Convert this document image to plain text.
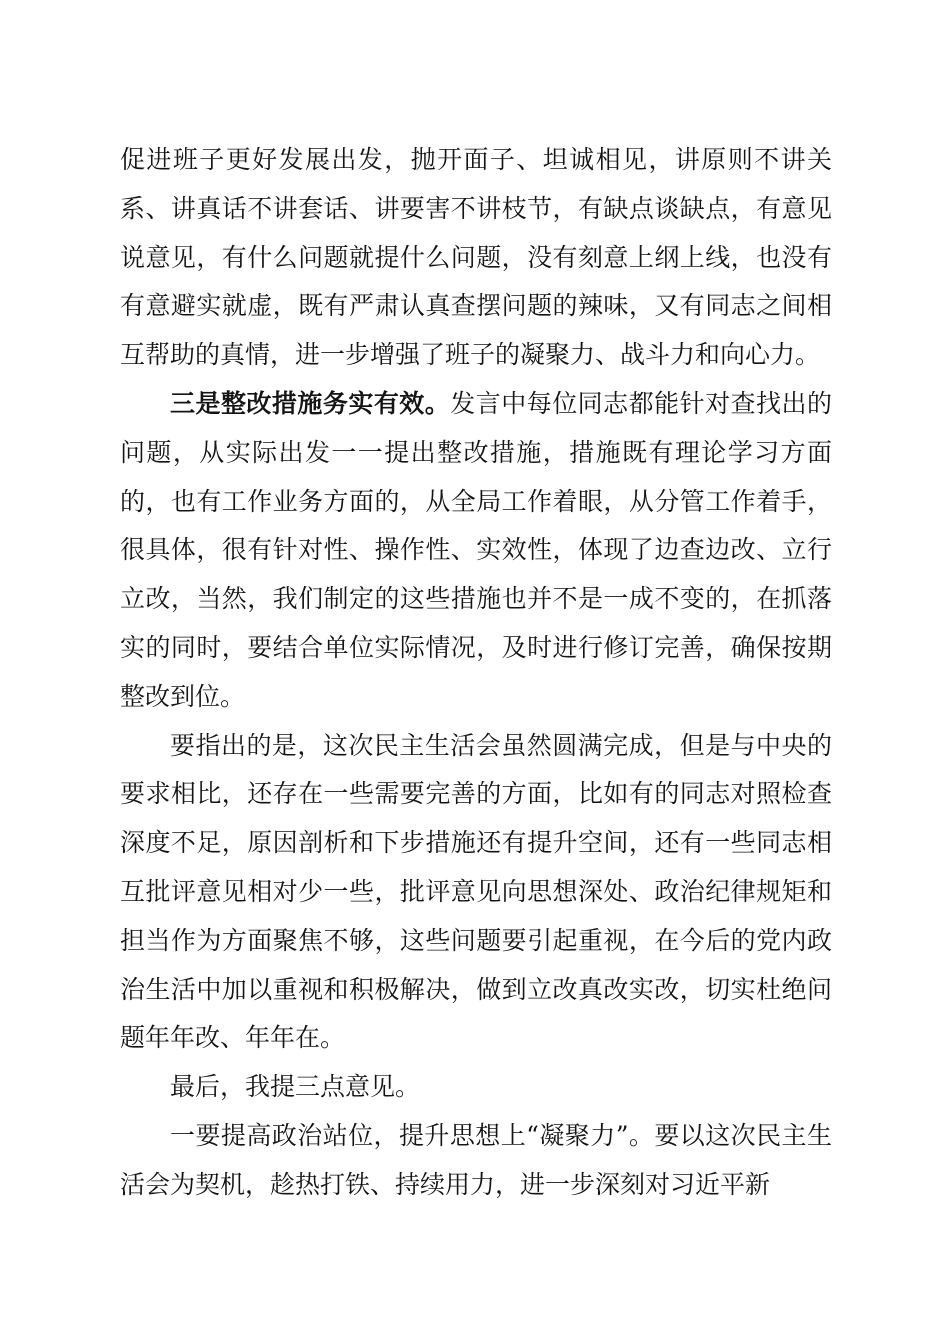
促进班子更好发展出发，抛开面子、坦诚相见，讲原则不讲关系、讲真话不讲套话、讲要害不讲枝节，有缺点谈缺点，有意见说意见，有什么问题就提什么问题，没有刻意上纲上线，也没有有意避实就虚，既有严肃认真查摆问题的辣味，又有同志之间相互帮助的真情，进一步增强了班子的凝聚力、战斗力和向心力。

三是整改措施务实有效。发言中每位同志都能针对查找出的问题，从实际出发一一提出整改措施，措施既有理论学习方面的，也有工作业务方面的，从全局工作着眼，从分管工作着手，很具体，很有针对性、操作性、实效性，体现了边查边改、立行立改，当然，我们制定的这些措施也并不是一成不变的，在抓落实的同时，要结合单位实际情况，及时进行修订完善，确保按期整改到位。

要指出的是，这次民主生活会虽然圆满完成，但是与中央的要求相比，还存在一些需要完善的方面，比如有的同志对照检查深度不足，原因剖析和下步措施还有提升空间，还有一些同志相互批评意见相对少一些，批评意见向思想深处、政治纪律规矩和担当作为方面聚焦不够，这些问题要引起重视，在今后的党内政治生活中加以重视和积极解决，做到立改真改实改，切实杜绝问题年年改、年年在。

最后，我提三点意见。

一要提高政治站位，提升思想上“凝聚力”。要以这次民主生活会为契机，趁热打铁、持续用力，进一步深刻对习近平新
